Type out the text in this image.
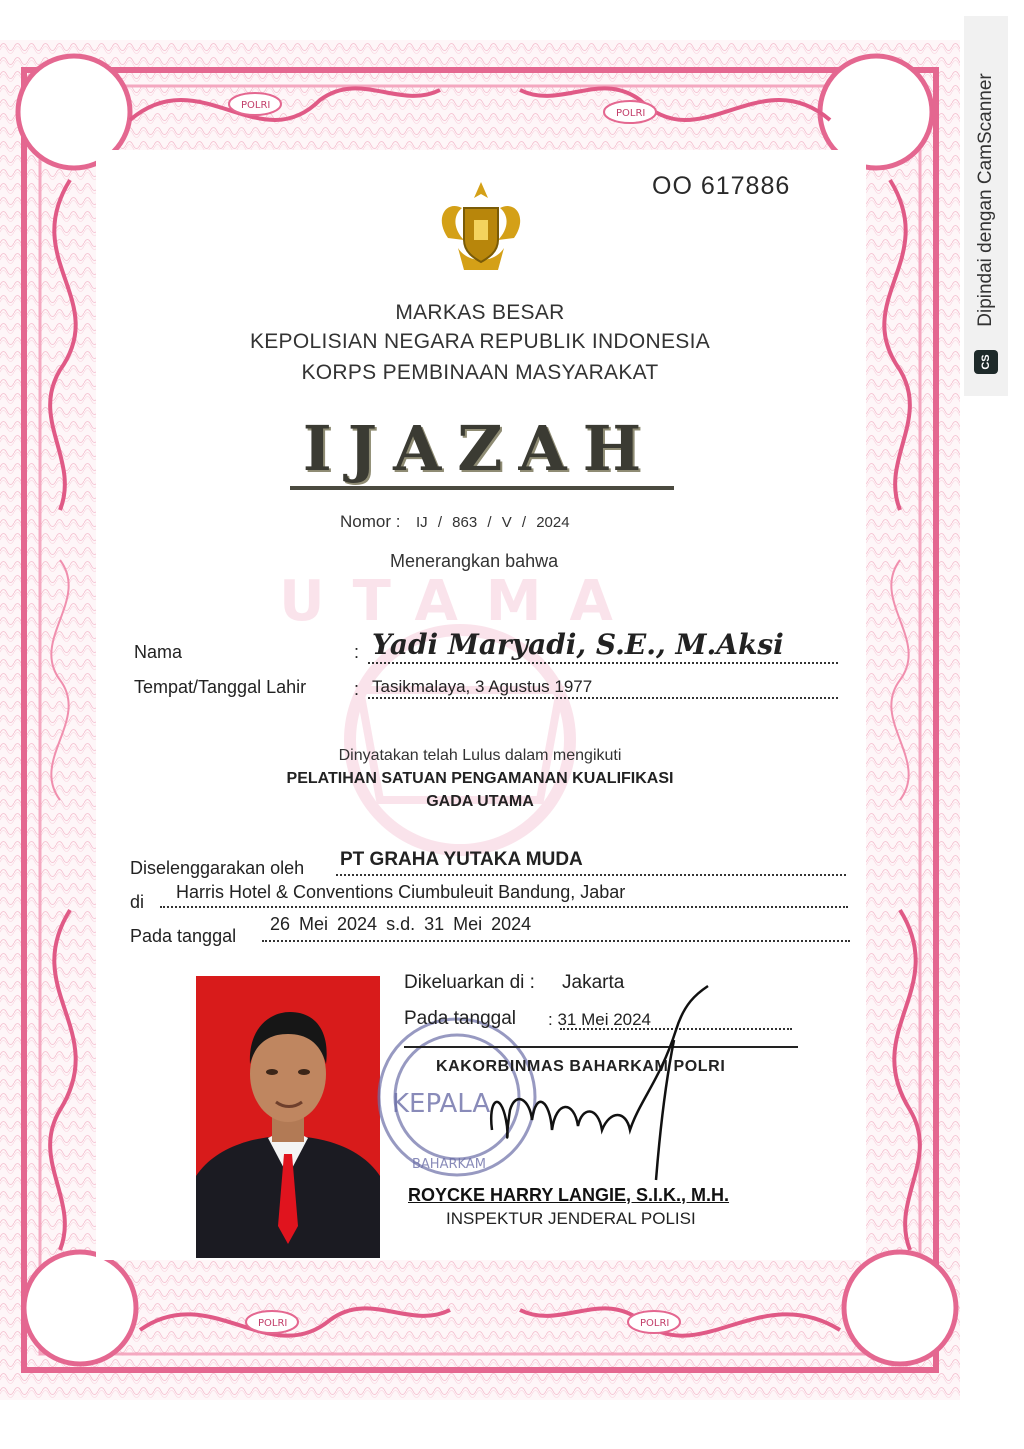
POLRI
POLRI
POLRI	POLRI
UTAMA
OO 617886
MARKAS BESAR
KEPOLISIAN NEGARA REPUBLIK INDONESIA
KORPS PEMBINAAN MASYARAKAT
IJAZAH
Nomor : IJ / 863 / V / 2024
Menerangkan bahwa
Nama	: Yadi Maryadi, S.E., M.Aksi
Tempat/Tanggal Lahir	: Tasikmalaya, 3 Agustus 1977
Dinyatakan telah Lulus dalam mengikuti
PELATIHAN SATUAN PENGAMANAN KUALIFIKASI
GADA UTAMA
Diselenggarakan oleh PT GRAHA YUTAKA MUDA
di Harris Hotel & Conventions Ciumbuleuit Bandung, Jabar
Pada tanggal
26 Mei 2024 s.d. 31 Mei 2024
KEPALA
BAHARKAM
Dikeluarkan di : Jakarta
Pada tanggal : 31 Mei 2024
KAKORBINMAS BAHARKAM POLRI
ROYCKE HARRY LANGIE, S.I.K., M.H.
INSPEKTUR JENDERAL POLISI
Dipindai dengan CamScanner
CS
